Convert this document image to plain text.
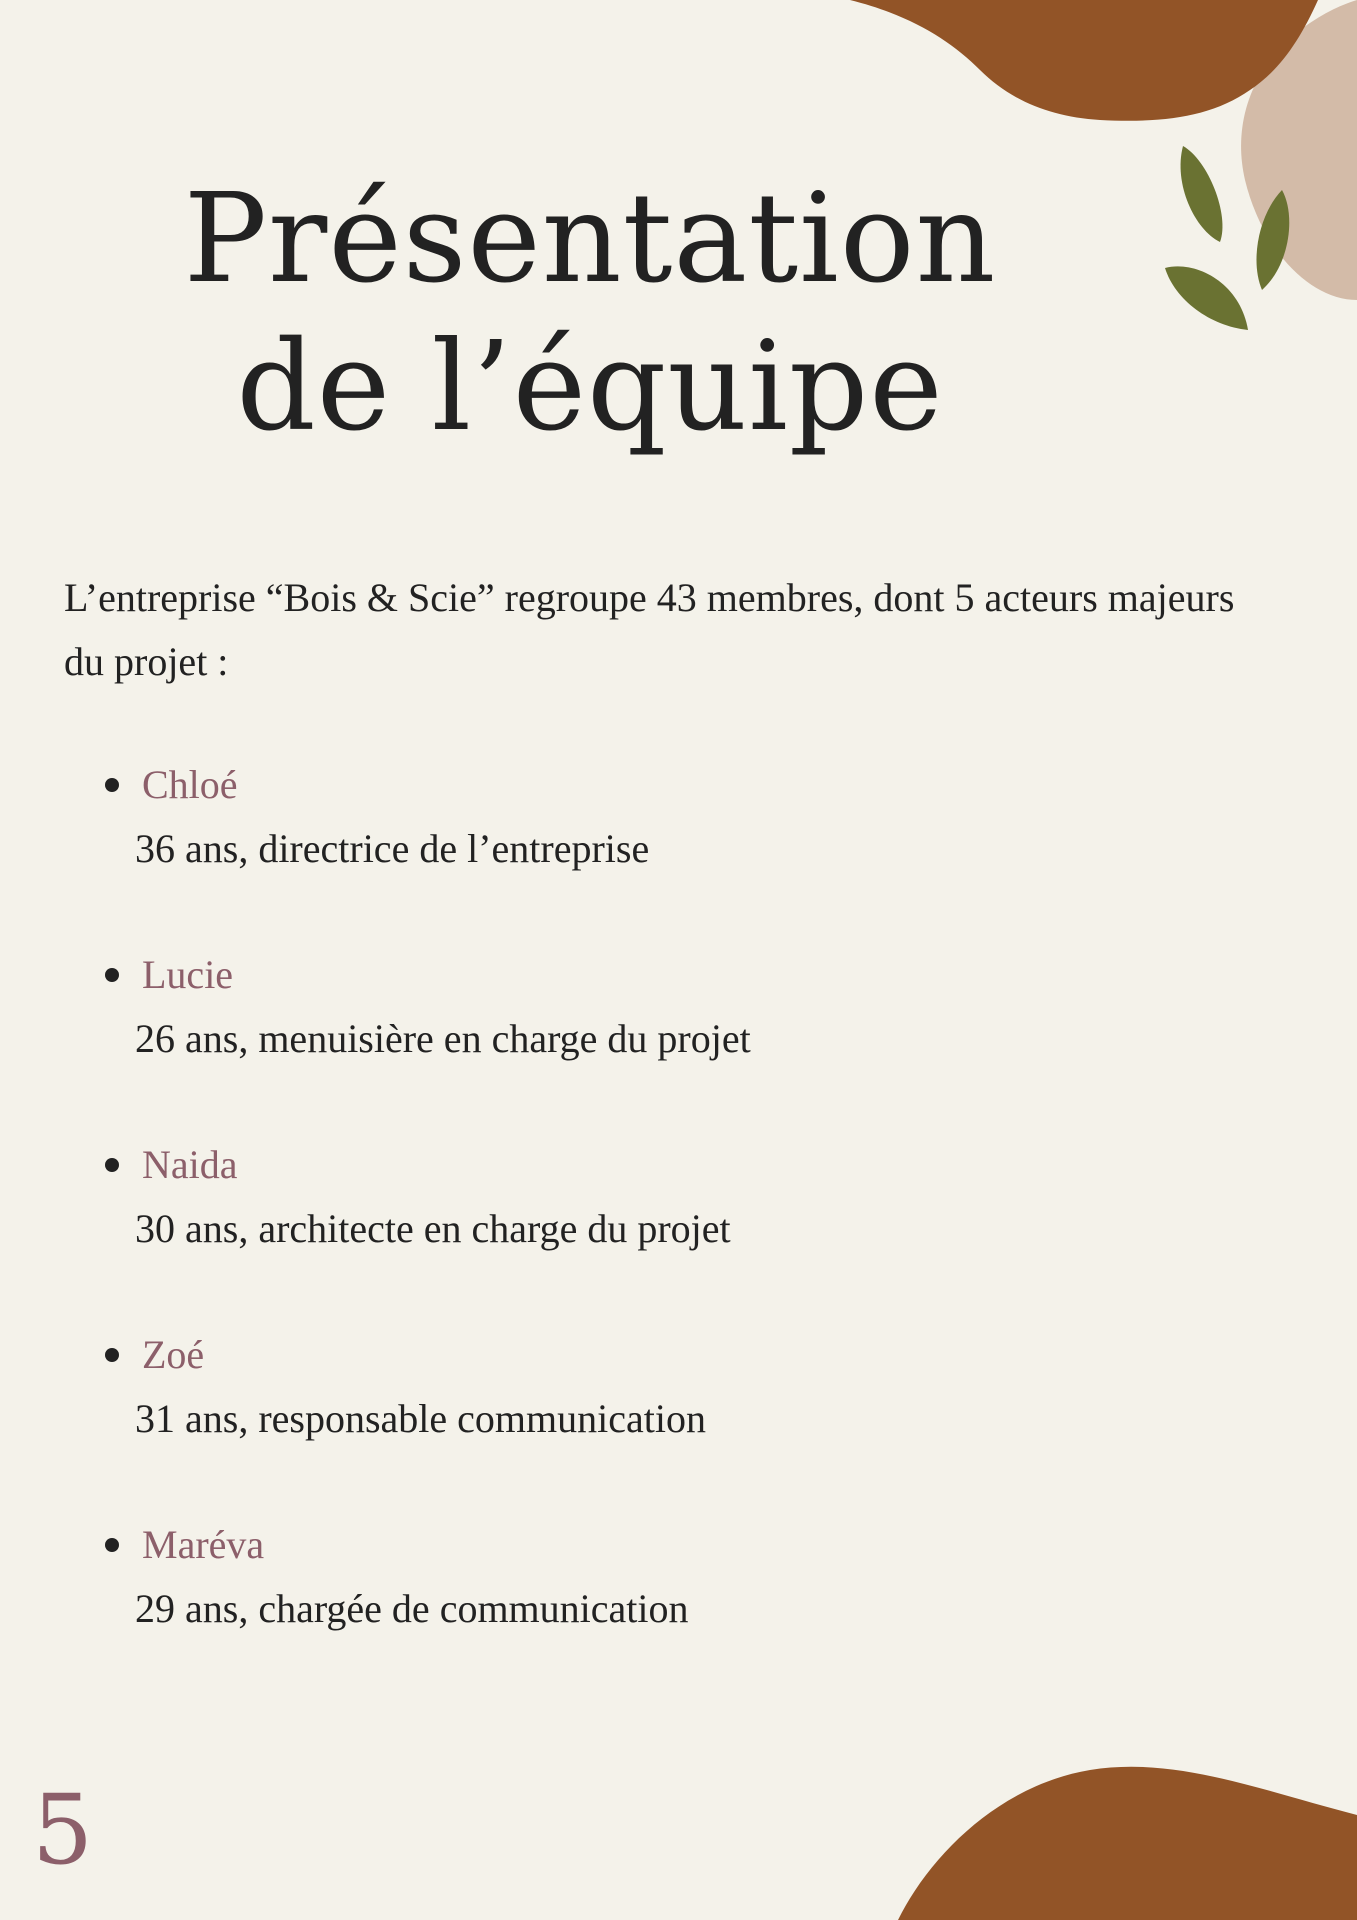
Présentation
de l’équipe

L’entreprise “Bois & Scie” regroupe 43 membres, dont 5 acteurs majeurs du projet :

Chloé
36 ans, directrice de l’entreprise
Lucie
26 ans, menuisière en charge du projet
Naida
30 ans, architecte en charge du projet
Zoé
31 ans, responsable communication
Maréva
29 ans, chargée de communication
5
